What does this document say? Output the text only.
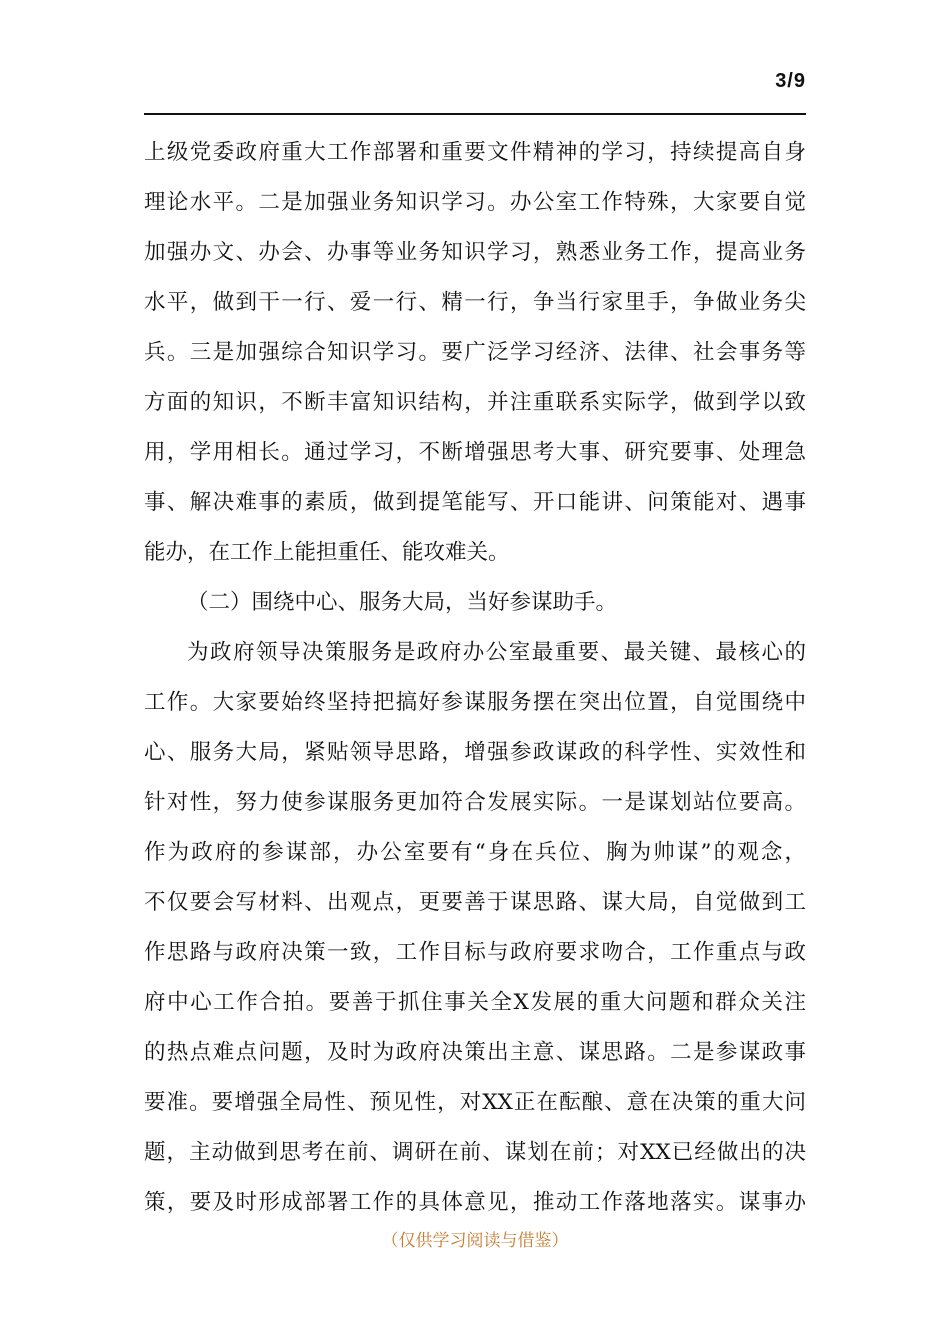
3/9
上级党委政府重大工作部署和重要文件精神的学习，持续提高自身
理论水平。二是加强业务知识学习。办公室工作特殊，大家要自觉
加强办文、办会、办事等业务知识学习，熟悉业务工作，提高业务
水平，做到干一行、爱一行、精一行，争当行家里手，争做业务尖
兵。三是加强综合知识学习。要广泛学习经济、法律、社会事务等
方面的知识，不断丰富知识结构，并注重联系实际学，做到学以致
用，学用相长。通过学习，不断增强思考大事、研究要事、处理急
事、解决难事的素质，做到提笔能写、开口能讲、问策能对、遇事
能办，在工作上能担重任、能攻难关。
（二）围绕中心、服务大局，当好参谋助手。
为政府领导决策服务是政府办公室最重要、最关键、最核心的
工作。大家要始终坚持把搞好参谋服务摆在突出位置，自觉围绕中
心、服务大局，紧贴领导思路，增强参政谋政的科学性、实效性和
针对性，努力使参谋服务更加符合发展实际。一是谋划站位要高。
作为政府的参谋部，办公室要有“身在兵位、胸为帅谋”的观念，
不仅要会写材料、出观点，更要善于谋思路、谋大局，自觉做到工
作思路与政府决策一致，工作目标与政府要求吻合，工作重点与政
府中心工作合拍。要善于抓住事关全X发展的重大问题和群众关注
的热点难点问题，及时为政府决策出主意、谋思路。二是参谋政事
要准。要增强全局性、预见性，对XX正在酝酿、意在决策的重大问
题，主动做到思考在前、调研在前、谋划在前；对XX已经做出的决
策，要及时形成部署工作的具体意见，推动工作落地落实。谋事办
（仅供学习阅读与借鉴）
